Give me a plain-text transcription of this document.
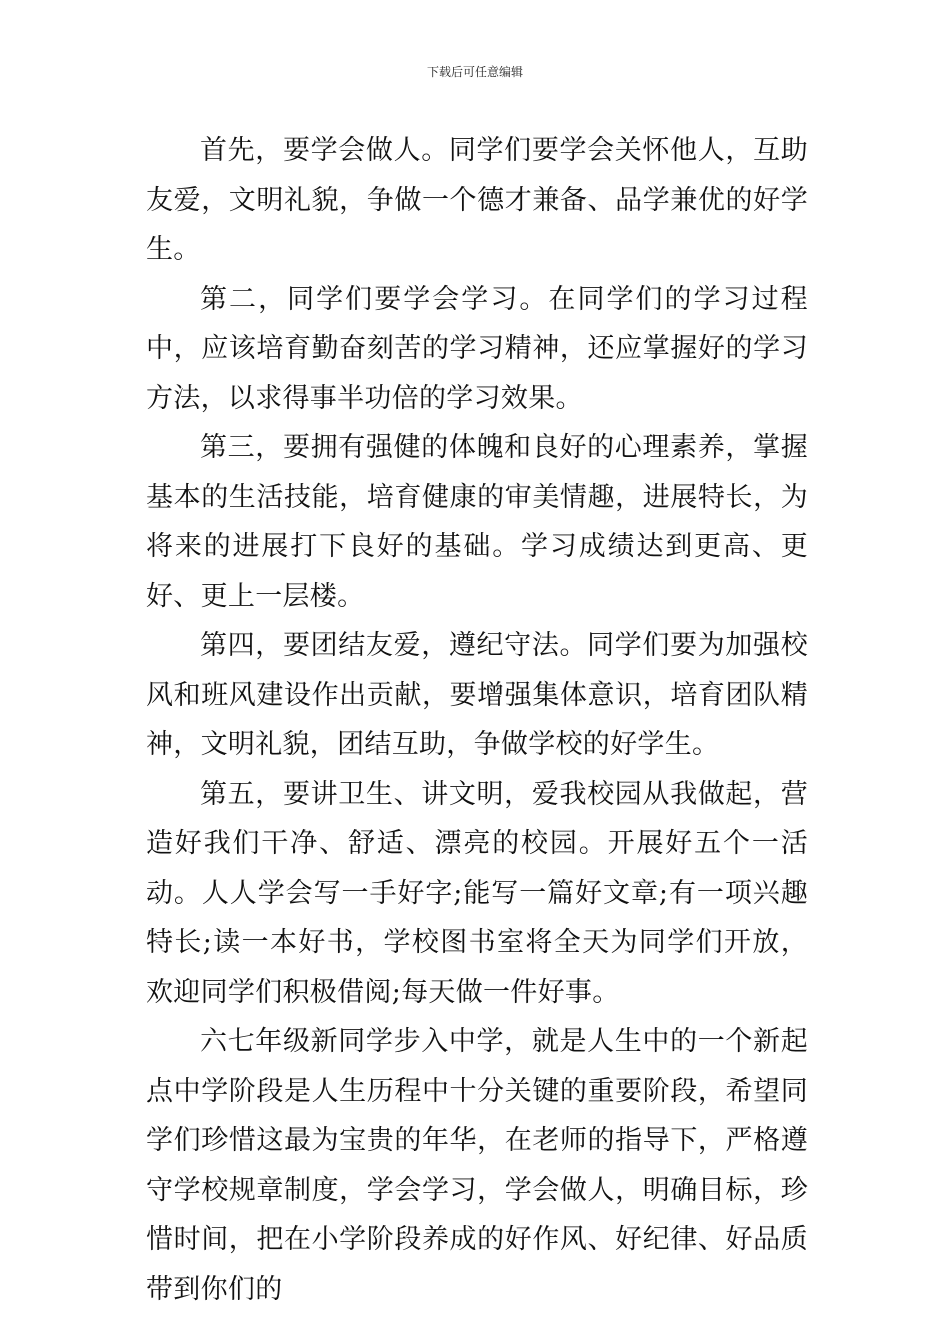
下载后可任意编辑

首先，要学会做人。同学们要学会关怀他人，互助友爱，文明礼貌，争做一个德才兼备、品学兼优的好学生。

第二，同学们要学会学习。在同学们的学习过程中，应该培育勤奋刻苦的学习精神，还应掌握好的学习方法，以求得事半功倍的学习效果。

第三，要拥有强健的体魄和良好的心理素养，掌握基本的生活技能，培育健康的审美情趣，进展特长，为将来的进展打下良好的基础。学习成绩达到更高、更好、更上一层楼。

第四，要团结友爱，遵纪守法。同学们要为加强校风和班风建设作出贡献，要增强集体意识，培育团队精神，文明礼貌，团结互助，争做学校的好学生。

第五，要讲卫生、讲文明，爱我校园从我做起，营造好我们干净、舒适、漂亮的校园。开展好五个一活动。人人学会写一手好字;能写一篇好文章;有一项兴趣特长;读一本好书，学校图书室将全天为同学们开放，欢迎同学们积极借阅;每天做一件好事。

六七年级新同学步入中学，就是人生中的一个新起点中学阶段是人生历程中十分关键的重要阶段，希望同学们珍惜这最为宝贵的年华，在老师的指导下，严格遵守学校规章制度，学会学习，学会做人，明确目标，珍惜时间，把在小学阶段养成的好作风、好纪律、好品质带到你们的
